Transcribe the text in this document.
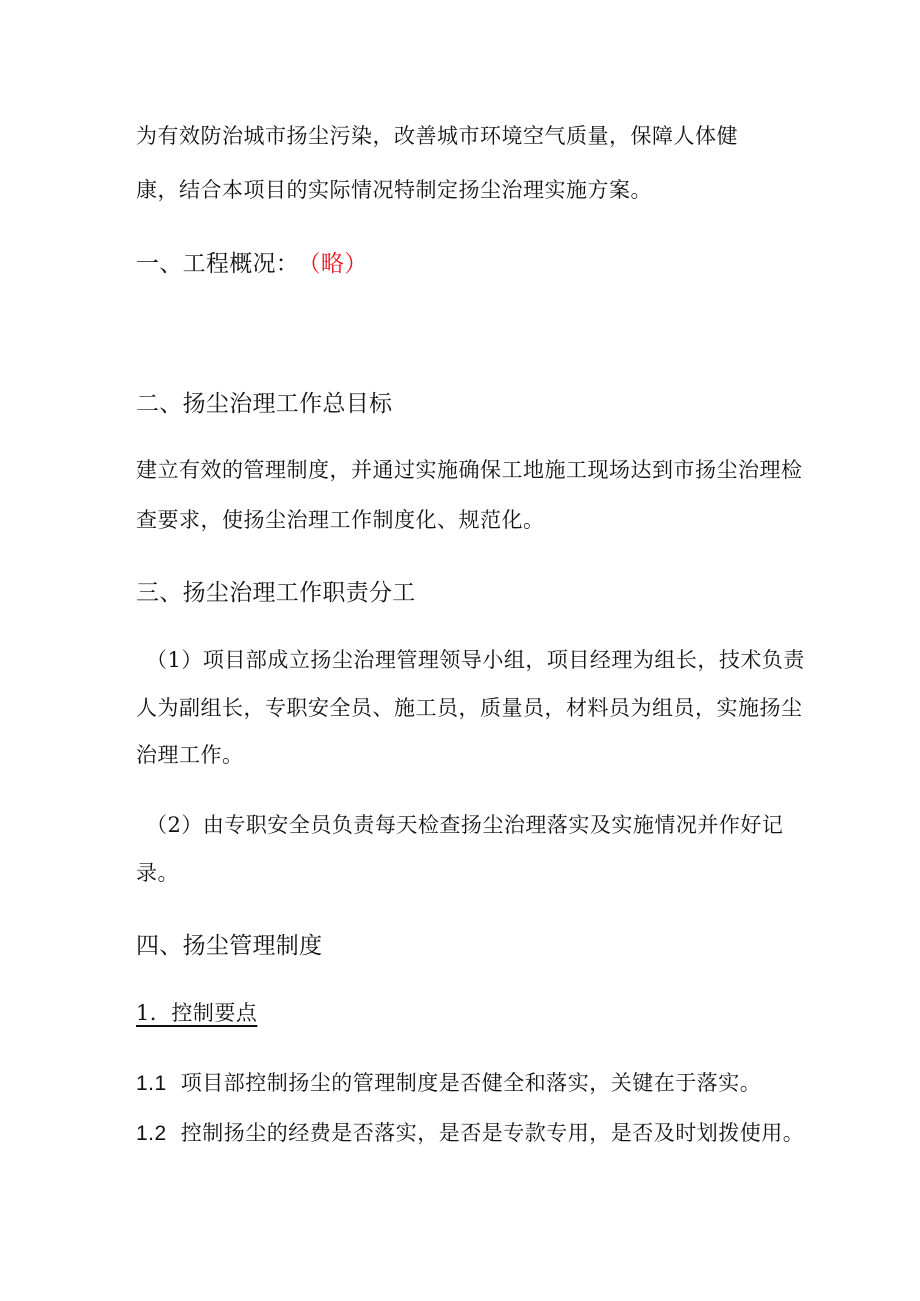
为有效防治城市扬尘污染，改善城市环境空气质量，保障人体健
康，结合本项目的实际情况特制定扬尘治理实施方案。
一、工程概况： （略）
二、扬尘治理工作总目标
建立有效的管理制度，并通过实施确保工地施工现场达到市扬尘治理检
查要求，使扬尘治理工作制度化、规范化。
三、扬尘治理工作职责分工
（1）项目部成立扬尘治理管理领导小组，项目经理为组长，技术负责
人为副组长，专职安全员、施工员，质量员，材料员为组员，实施扬尘
治理工作。
（2）由专职安全员负责每天检查扬尘治理落实及实施情况并作好记
录。
四、扬尘管理制度
1．控制要点
1.1 项目部控制扬尘的管理制度是否健全和落实，关键在于落实。
1.2 控制扬尘的经费是否落实，是否是专款专用，是否及时划拨使用。
